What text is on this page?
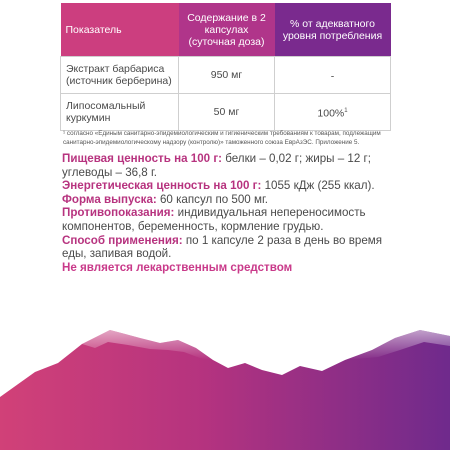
Показатель	Содержание в 2 капсулах (суточная доза)	% от адекватного уровня потребления
Экстракт барбариса (источник берберина)	950 мг	-
Липосомальный куркумин	50 мг	100%$^1$
¹ согласно «Единым санитарно-эпидемиологическим и гигиеническим требованиям к товарам, подлежащим санитарно-эпидемиологическому надзору (контролю)» таможенного союза ЕврАзЭС. Приложение 5.

Пищевая ценность на 100 г: белки – 0,02 г; жиры – 12 г; углеводы – 36,8 г.

Энергетическая ценность на 100 г: 1055 кДж (255 ккал).

Форма выпуска: 60 капсул по 500 мг.

Противопоказания: индивидуальная непереносимость компонентов, беременность, кормление грудью.

Способ применения: по 1 капсуле 2 раза в день во время еды, запивая водой.

Не является лекарственным средством
